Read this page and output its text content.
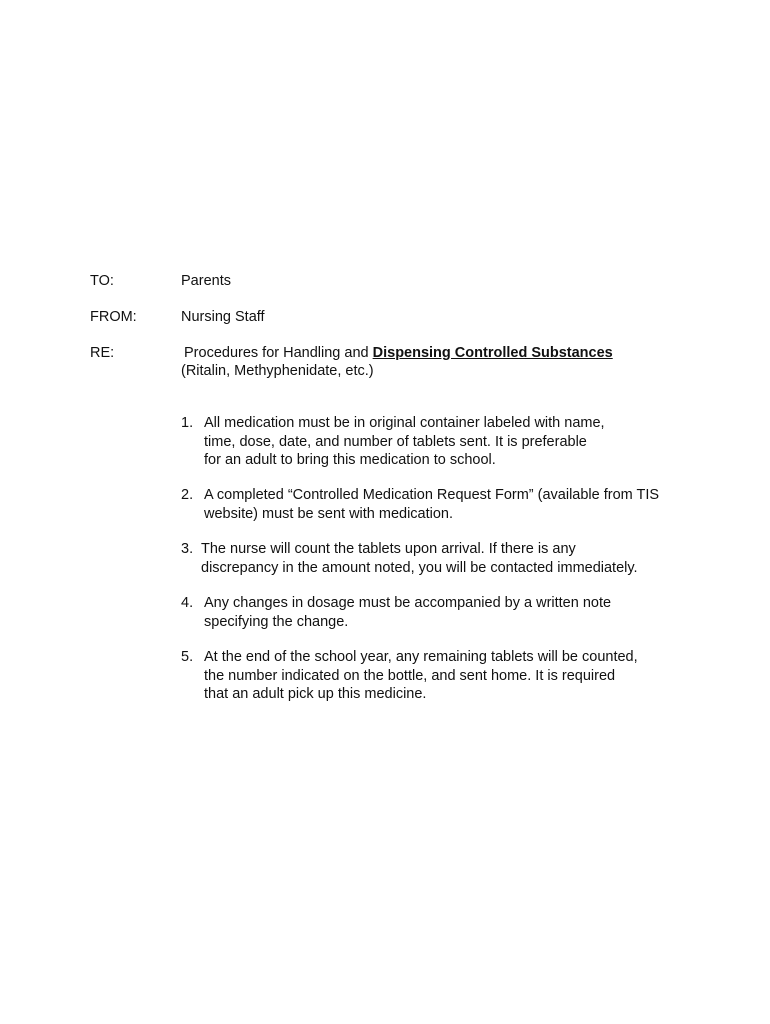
TO:	Parents
FROM:	Nursing Staff
RE:	Procedures for Handling and Dispensing Controlled Substances
(Ritalin, Methyphenidate, etc.)
1. All medication must be in original container labeled with name,
time, dose, date, and number of tablets sent. It is preferable
for an adult to bring this medication to school.
2. A completed “Controlled Medication Request Form” (available from TIS
website) must be sent with medication.
3. The nurse will count the tablets upon arrival. If there is any
discrepancy in the amount noted, you will be contacted immediately.
4. Any changes in dosage must be accompanied by a written note
specifying the change.
5. At the end of the school year, any remaining tablets will be counted,
the number indicated on the bottle, and sent home. It is required
that an adult pick up this medicine.
